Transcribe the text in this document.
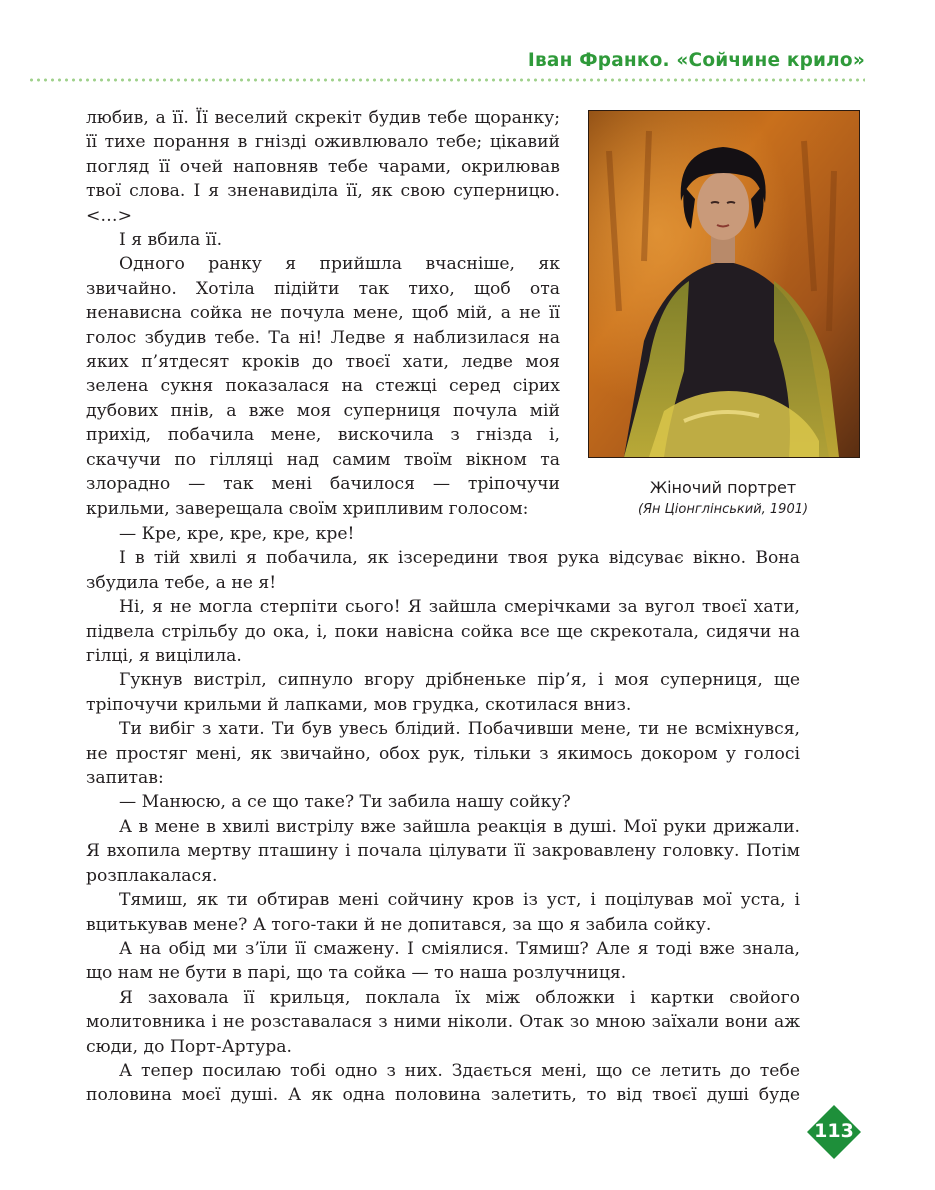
Іван Франко. «Сойчине крило»

любив, а її. Її веселий скрекіт будив тебе щоранку; її тихе порання в гнізді оживлювало тебе; цікавий погляд її очей наповняв тебе чарами, окрилював твої слова. І я зненавиділа її, як свою суперницю. <…>

І я вбила її.

Одного ранку я прийшла вчасніше, як звичайно. Хотіла підійти так тихо, щоб ота ненависна сойка не почула мене, щоб мій, а не її голос збудив тебе. Та ні! Ледве я наблизилася на яких п’ятдесят кроків до твоєї хати, ледве моя зелена сукня показалася на стежці серед сірих дубових пнів, а вже моя суперниця почула мій прихід, побачила мене, вискочила з гнізда і, скачучи по гілляці над самим твоїм вікном та злорадно — так мені бачилося — тріпочучи крильми, заверещала своїм хрипливим голосом:

Жіночий портрет
(Ян Ціонглінський, 1901)

— Кре, кре, кре, кре, кре!

І в тій хвилі я побачила, як ізсередини твоя рука відсуває вікно. Вона збудила тебе, а не я!

Ні, я не могла стерпіти сього! Я зайшла смерічками за вугол твоєї хати, підвела стрільбу до ока, і, поки навісна сойка все ще скрекотала, сидячи на гілці, я вицілила.

Гукнув вистріл, сипнуло вгору дрібненьке пір’я, і моя суперниця, ще тріпочучи крильми й лапками, мов грудка, скотилася вниз.

Ти вибіг з хати. Ти був увесь блідий. Побачивши мене, ти не всміхнувся, не простяг мені, як звичайно, обох рук, тільки з якимось докором у голосі запитав:

— Манюсю, а се що таке? Ти забила нашу сойку?

А в мене в хвилі вистрілу вже зайшла реакція в душі. Мої руки дрижали. Я вхопила мертву пташину і почала цілувати її закровавлену головку. Потім розплакалася.

Тямиш, як ти обтирав мені сойчину кров із уст, і поцілував мої уста, і вцитькував мене? А того-таки й не допитався, за що я забила сойку.

А на обід ми з’їли її смажену. І сміялися. Тямиш? Але я тоді вже знала, що нам не бути в парі, що та сойка — то наша розлучниця.

Я заховала її крильця, поклала їх між обложки і картки свойого молитовника і не розставалася з ними ніколи. Отак зо мною заїхали вони аж сюди, до Порт-Артура.

А тепер посилаю тобі одно з них. Здається мені, що се летить до тебе половина моєї душі. А як одна половина залетить, то від твоєї душі буде

113
